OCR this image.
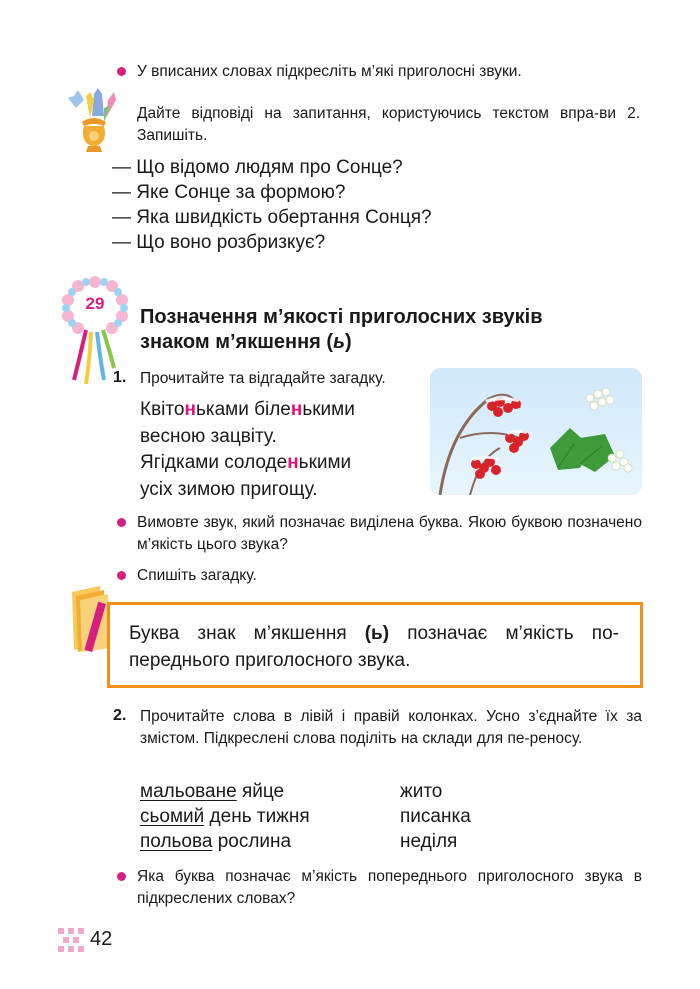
У вписаних словах підкресліть м’які приголосні звуки.
Дайте відповіді на запитання, користуючись текстом впра-ви 2. Запишіть.
— Що відомо людям про Сонце?
— Яке Сонце за формою?
— Яка швидкість обертання Сонця?
— Що воно розбризкує?
29
Позначення м’якості приголосних звуків
знаком м’якшення (ь)
1. Прочитайте та відгадайте загадку.
Квітоньками біленькими
весною зацвіту.
Ягідками солоденькими
усіх зимою пригощу.
Вимовте звук, який позначає виділена буква. Якою буквою позначено м’якість цього звука?
Спишіть загадку.
Буква знак м’якшення (ь) позначає м’якість по-переднього приголосного звука.
2. Прочитайте слова в лівій і правій колонках. Усно з’єднайте їх за змістом. Підкреслені слова поділіть на склади для пе-реносу.
мальоване яйце
сьомий день тижня
польова рослина
жито
писанка
неділя
Яка буква позначає м’якість попереднього приголосного звука в підкреслених словах?
42
